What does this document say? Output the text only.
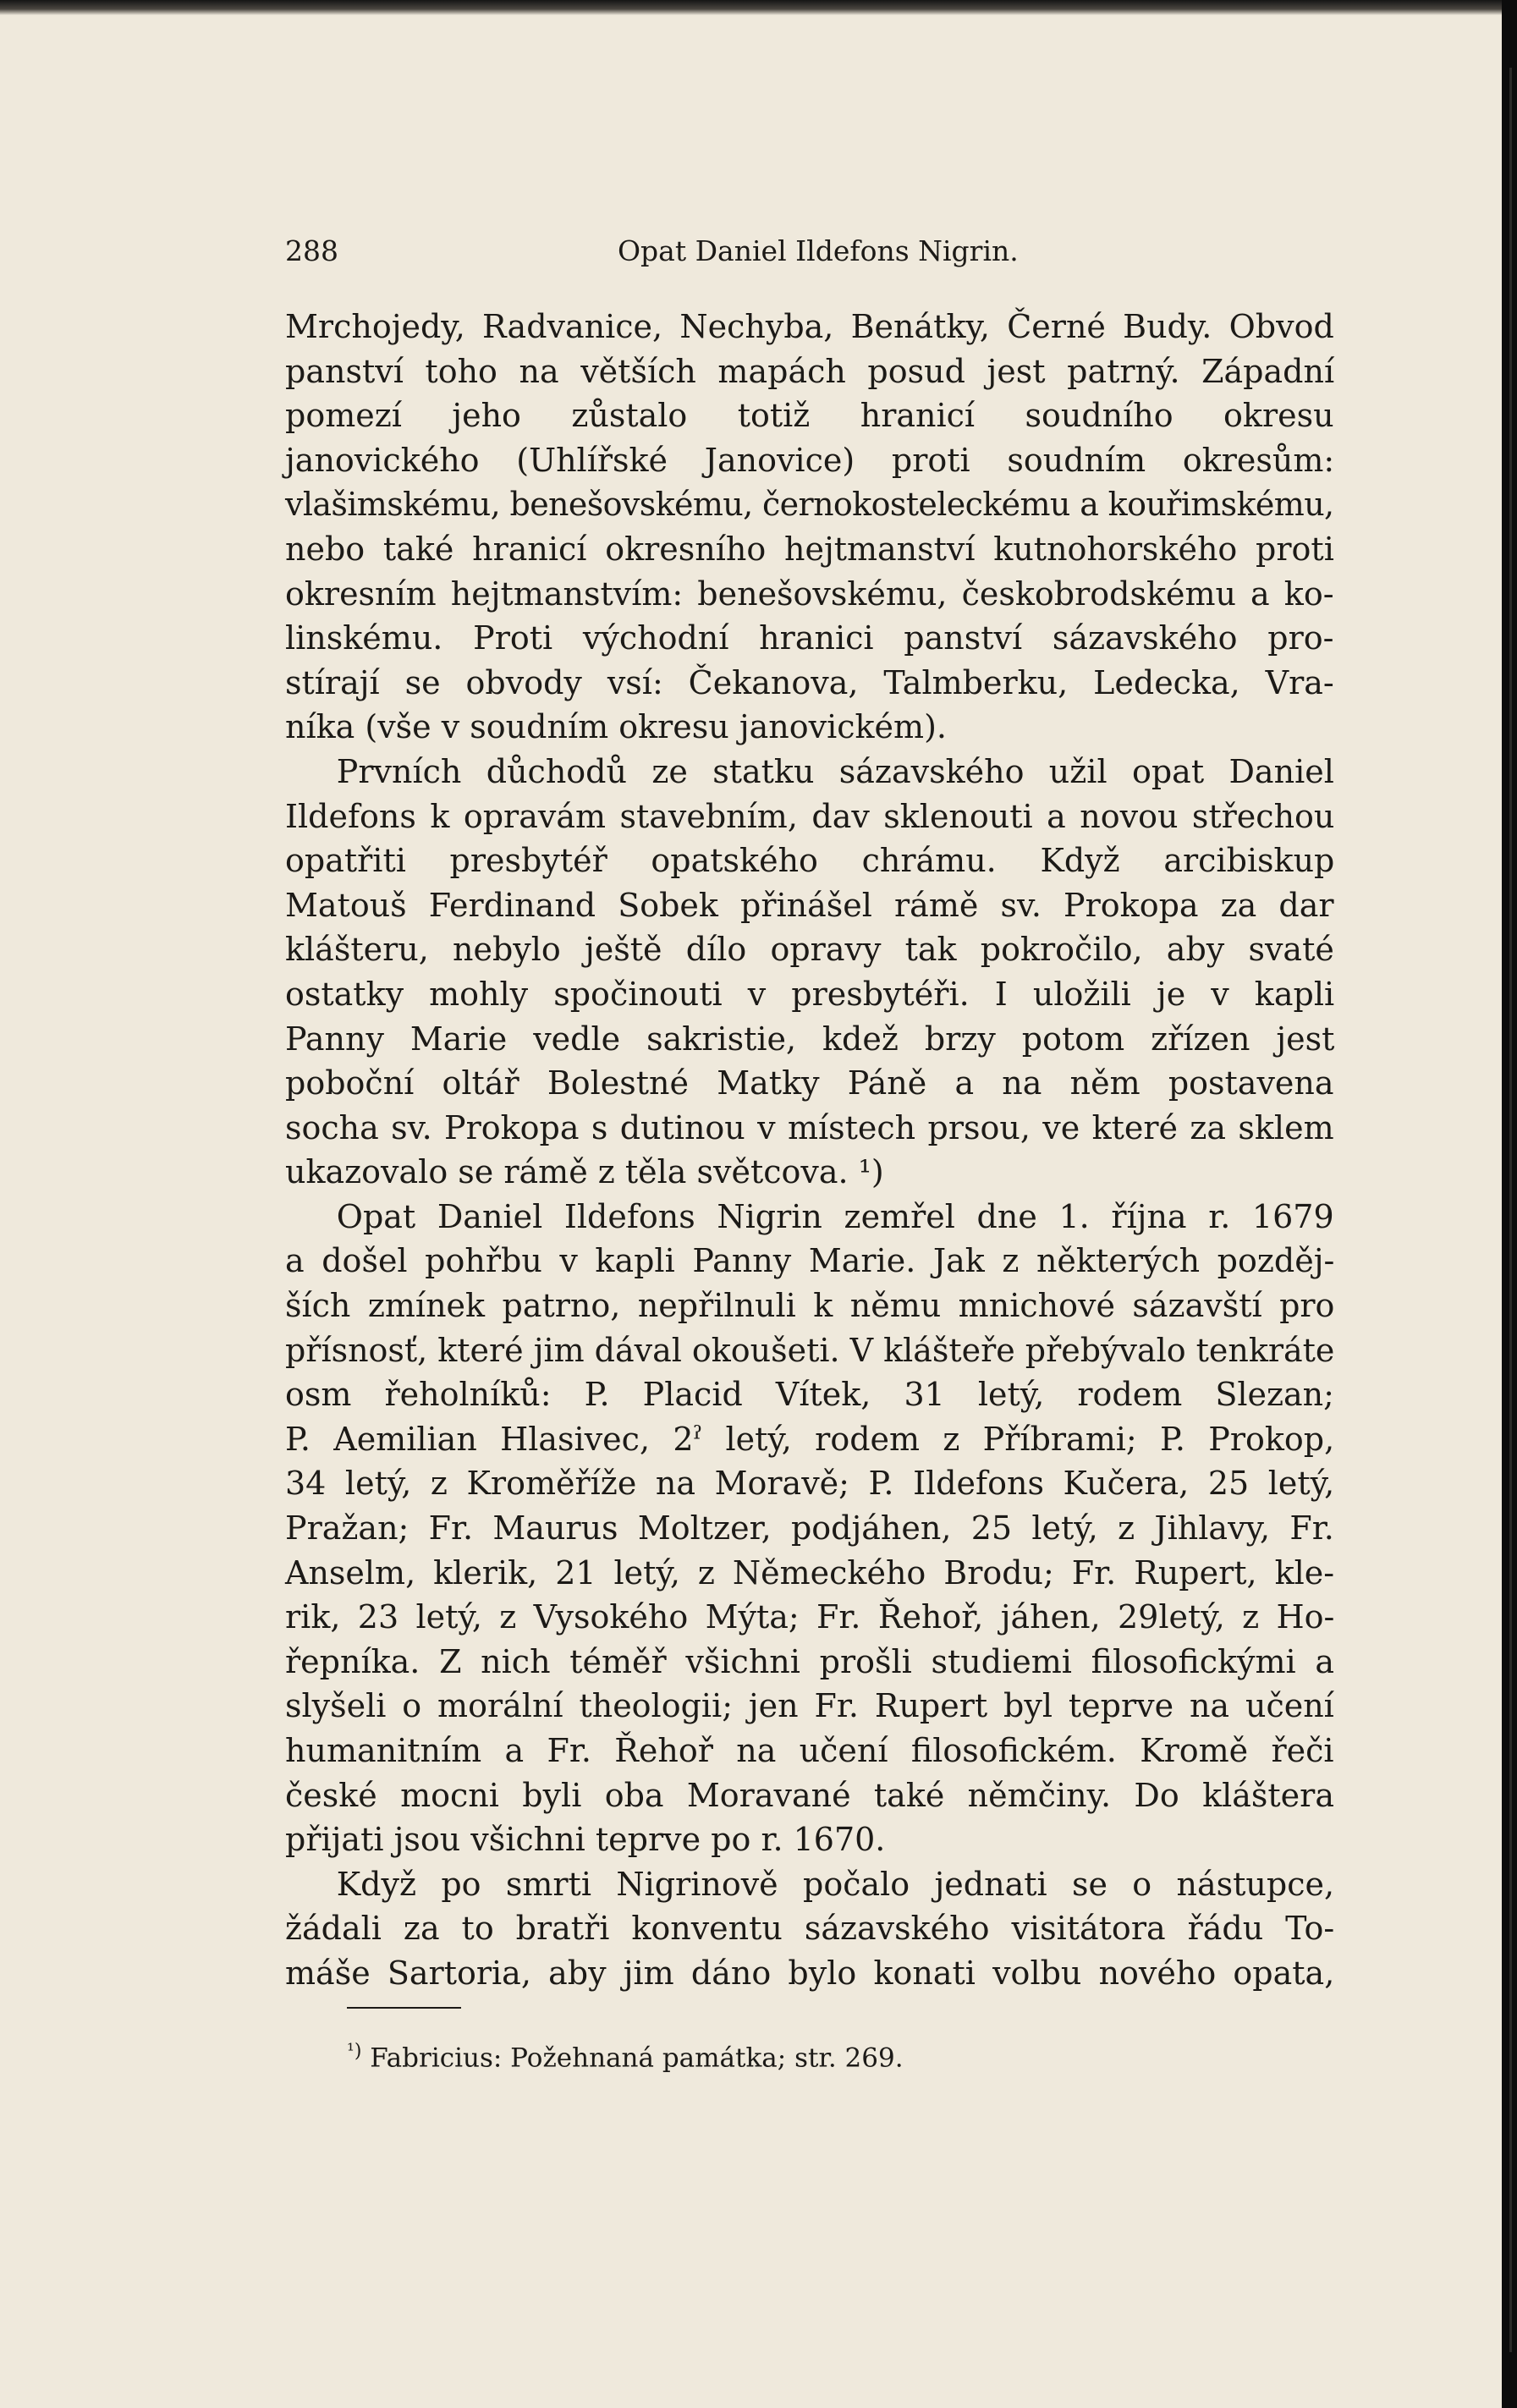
288	Opat Daniel Ildefons Nigrin.
Mrchojedy, Radvanice, Nechyba, Benátky, Černé Budy. Obvod
panství toho na větších mapách posud jest patrný. Západní
pomezí jeho zůstalo totiž hranicí soudního okresu
janovického (Uhlířské Janovice) proti soudním okresům:
vlašimskému, benešovskému, černokosteleckému a kouřimskému,
nebo také hranicí okresního hejtmanství kutnohorského proti
okresním hejtmanstvím: benešovskému, českobrodskému a ko-
linskému. Proti východní hranici panství sázavského pro-
stírají se obvody vsí: Čekanova, Talmberku, Ledecka, Vra-
níka (vše v soudním okresu janovickém).
Prvních důchodů ze statku sázavského užil opat Daniel
Ildefons k opravám stavebním, dav sklenouti a novou střechou
opatřiti presbytéř opatského chrámu. Když arcibiskup
Matouš Ferdinand Sobek přinášel rámě sv. Prokopa za dar
klášteru, nebylo ještě dílo opravy tak pokročilo, aby svaté
ostatky mohly spočinouti v presbytéři. I uložili je v kapli
Panny Marie vedle sakristie, kdež brzy potom zřízen jest
poboční oltář Bolestné Matky Páně a na něm postavena
socha sv. Prokopa s dutinou v místech prsou, ve které za sklem
ukazovalo se rámě z těla světcova. ¹)
Opat Daniel Ildefons Nigrin zemřel dne 1. října r. 1679
a došel pohřbu v kapli Panny Marie. Jak z některých pozděj-
ších zmínek patrno, nepřilnuli k němu mnichové sázavští pro
přísnosť, které jim dával okoušeti. V klášteře přebývalo tenkráte
osm řeholníků: P. Placid Vítek, 31 letý, rodem Slezan;
P. Aemilian Hlasivec, 2ˀ letý, rodem z Příbrami; P. Prokop,
34 letý, z Kroměříže na Moravě; P. Ildefons Kučera, 25 letý,
Pražan; Fr. Maurus Moltzer, podjáhen, 25 letý, z Jihlavy, Fr.
Anselm, klerik, 21 letý, z Německého Brodu; Fr. Rupert, kle-
rik, 23 letý, z Vysokého Mýta; Fr. Řehoř, jáhen, 29letý, z Ho-
řepníka. Z nich téměř všichni prošli studiemi filosofickými a
slyšeli o morální theologii; jen Fr. Rupert byl teprve na učení
humanitním a Fr. Řehoř na učení filosofickém. Kromě řeči
české mocni byli oba Moravané také němčiny. Do kláštera
přijati jsou všichni teprve po r. 1670.
Když po smrti Nigrinově počalo jednati se o nástupce,
žádali za to bratři konventu sázavského visitátora řádu To-
máše Sartoria, aby jim dáno bylo konati volbu nového opata,
$^{^1)}$ Fabricius: Požehnaná památka; str. 269.
